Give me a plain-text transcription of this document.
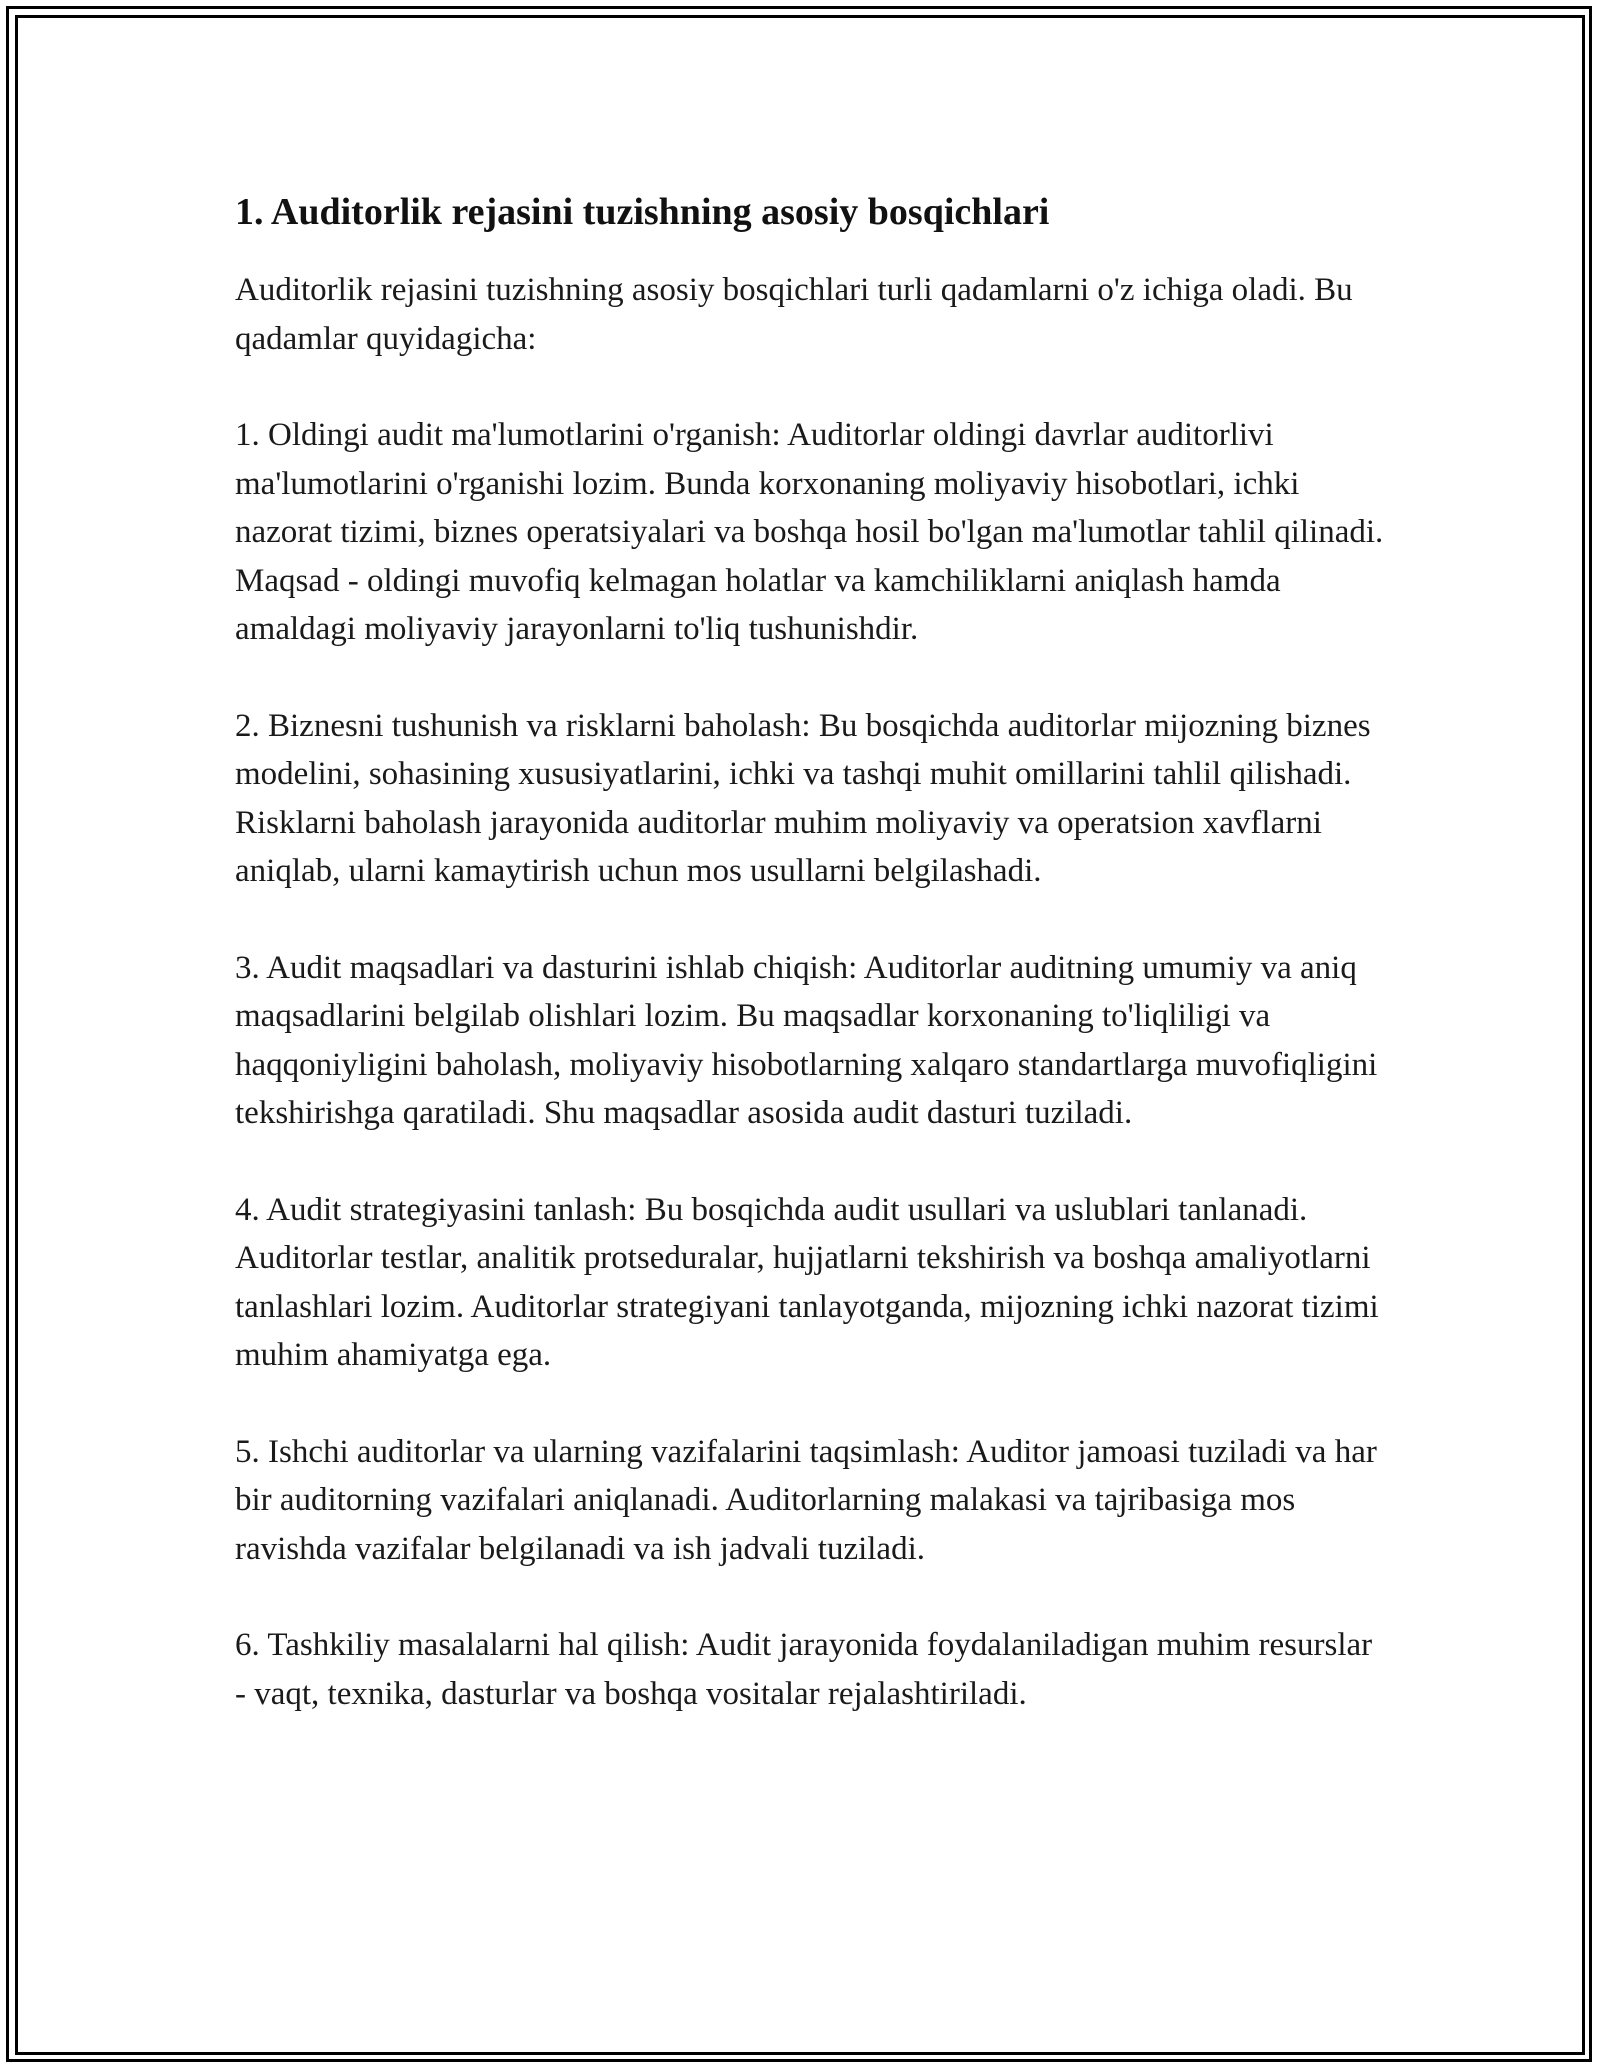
1. Auditorlik rejasini tuzishning asosiy bosqichlari

Auditorlik rejasini tuzishning asosiy bosqichlari turli qadamlarni o'z ichiga oladi. Bu qadamlar quyidagicha:

1. Oldingi audit ma'lumotlarini o'rganish: Auditorlar oldingi davrlar auditorlivi ma'lumotlarini o'rganishi lozim. Bunda korxonaning moliyaviy hisobotlari, ichki nazorat tizimi, biznes operatsiyalari va boshqa hosil bo'lgan ma'lumotlar tahlil qilinadi. Maqsad - oldingi muvofiq kelmagan holatlar va kamchiliklarni aniqlash hamda amaldagi moliyaviy jarayonlarni to'liq tushunishdir.

2. Biznesni tushunish va risklarni baholash: Bu bosqichda auditorlar mijozning biznes modelini, sohasining xususiyatlarini, ichki va tashqi muhit omillarini tahlil qilishadi. Risklarni baholash jarayonida auditorlar muhim moliyaviy va operatsion xavflarni aniqlab, ularni kamaytirish uchun mos usullarni belgilashadi.

3. Audit maqsadlari va dasturini ishlab chiqish: Auditorlar auditning umumiy va aniq maqsadlarini belgilab olishlari lozim. Bu maqsadlar korxonaning to'liqliligi va haqqoniyligini baholash, moliyaviy hisobotlarning xalqaro standartlarga muvofiqligini tekshirishga qaratiladi. Shu maqsadlar asosida audit dasturi tuziladi.

4. Audit strategiyasini tanlash: Bu bosqichda audit usullari va uslublari tanlanadi. Auditorlar testlar, analitik protseduralar, hujjatlarni tekshirish va boshqa amaliyotlarni tanlashlari lozim. Auditorlar strategiyani tanlayotganda, mijozning ichki nazorat tizimi muhim ahamiyatga ega.

5. Ishchi auditorlar va ularning vazifalarini taqsimlash: Auditor jamoasi tuziladi va har bir auditorning vazifalari aniqlanadi. Auditorlarning malakasi va tajribasiga mos ravishda vazifalar belgilanadi va ish jadvali tuziladi.

6. Tashkiliy masalalarni hal qilish: Audit jarayonida foydalaniladigan muhim resurslar - vaqt, texnika, dasturlar va boshqa vositalar rejalashtiriladi.
